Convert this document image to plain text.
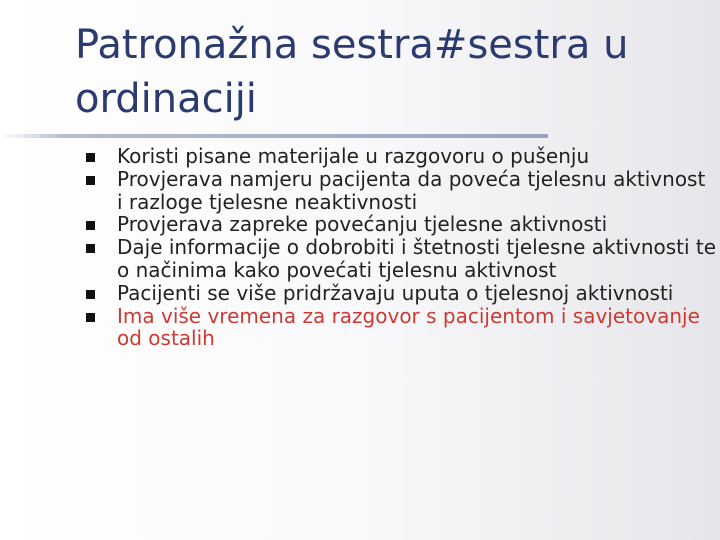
Patronažna sestra#sestra u ordinaciji
Koristi pisane materijale u razgovoru o pušenju
Provjerava namjeru pacijenta da poveća tjelesnu aktivnost i razloge tjelesne neaktivnosti
Provjerava zapreke povećanju tjelesne aktivnosti
Daje informacije o dobrobiti i štetnosti tjelesne aktivnosti te o načinima kako povećati tjelesnu aktivnost
Pacijenti se više pridržavaju uputa o tjelesnoj aktivnosti
Ima više vremena za razgovor s pacijentom i savjetovanje od ostalih
